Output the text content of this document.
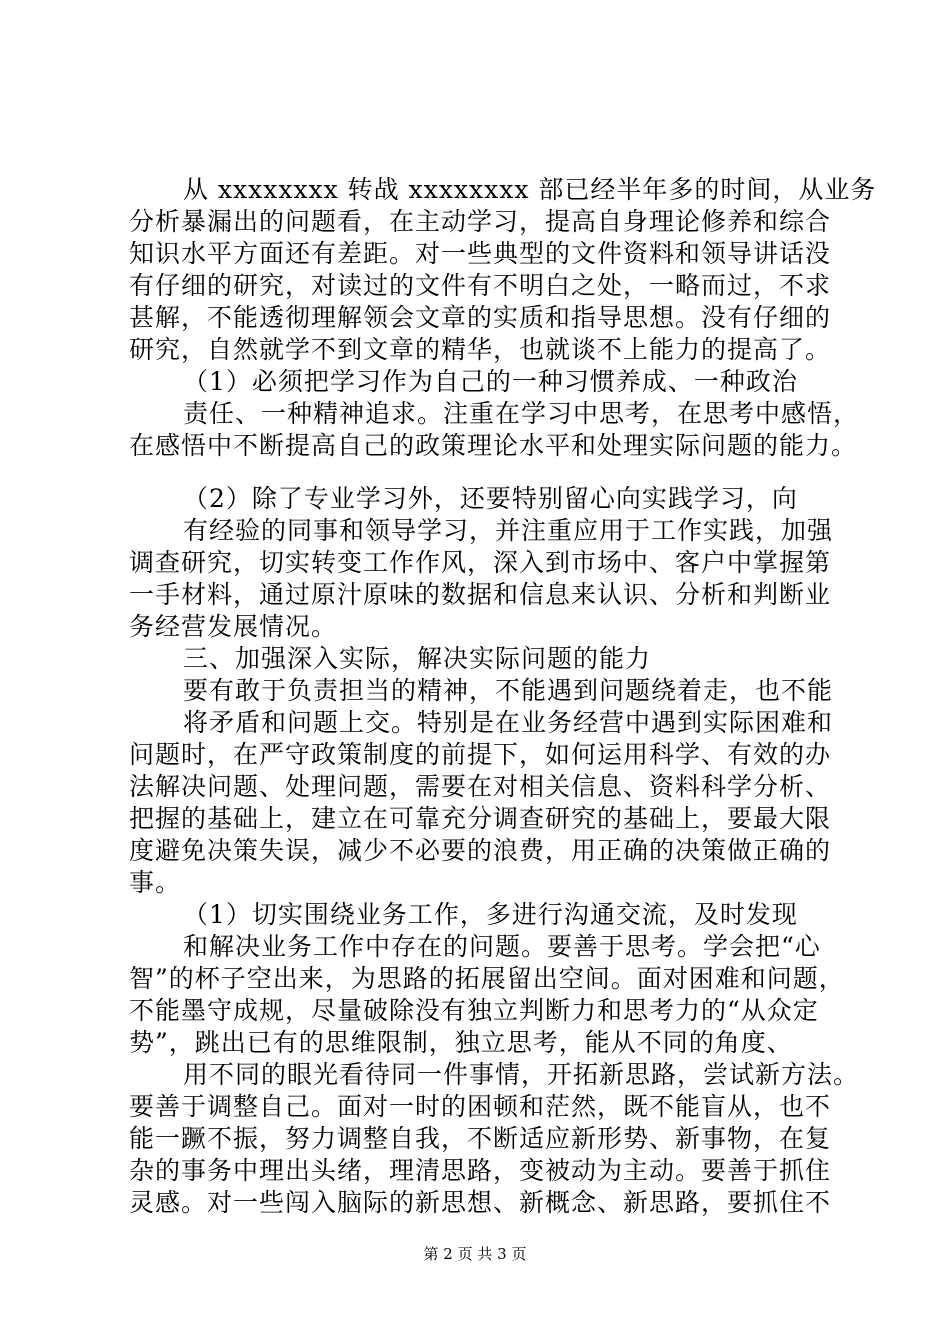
从 xxxxxxxx 转战 xxxxxxxx 部已经半年多的时间，从业务
分析暴漏出的问题看，在主动学习，提高自身理论修养和综合
知识水平方面还有差距。对一些典型的文件资料和领导讲话没
有仔细的研究，对读过的文件有不明白之处，一略而过，不求
甚解，不能透彻理解领会文章的实质和指导思想。没有仔细的
研究，自然就学不到文章的精华，也就谈不上能力的提高了。
（1）必须把学习作为自己的一种习惯养成、一种政治
责任、一种精神追求。注重在学习中思考，在思考中感悟，
在感悟中不断提高自己的政策理论水平和处理实际问题的能力。
（2）除了专业学习外，还要特别留心向实践学习，向
有经验的同事和领导学习，并注重应用于工作实践，加强
调查研究，切实转变工作作风，深入到市场中、客户中掌握第
一手材料，通过原汁原味的数据和信息来认识、分析和判断业
务经营发展情况。
三、加强深入实际，解决实际问题的能力
要有敢于负责担当的精神，不能遇到问题绕着走，也不能
将矛盾和问题上交。特别是在业务经营中遇到实际困难和
问题时，在严守政策制度的前提下，如何运用科学、有效的办
法解决问题、处理问题，需要在对相关信息、资料科学分析、
把握的基础上，建立在可靠充分调查研究的基础上，要最大限
度避免决策失误，减少不必要的浪费，用正确的决策做正确的
事。
（1）切实围绕业务工作，多进行沟通交流，及时发现
和解决业务工作中存在的问题。要善于思考。学会把“心
智”的杯子空出来，为思路的拓展留出空间。面对困难和问题，
不能墨守成规，尽量破除没有独立判断力和思考力的“从众定
势”，跳出已有的思维限制，独立思考，能从不同的角度、
用不同的眼光看待同一件事情，开拓新思路，尝试新方法。
要善于调整自己。面对一时的困顿和茫然，既不能盲从，也不
能一蹶不振，努力调整自我，不断适应新形势、新事物，在复
杂的事务中理出头绪，理清思路，变被动为主动。要善于抓住
灵感。对一些闯入脑际的新思想、新概念、新思路，要抓住不
第 2 页 共 3 页
